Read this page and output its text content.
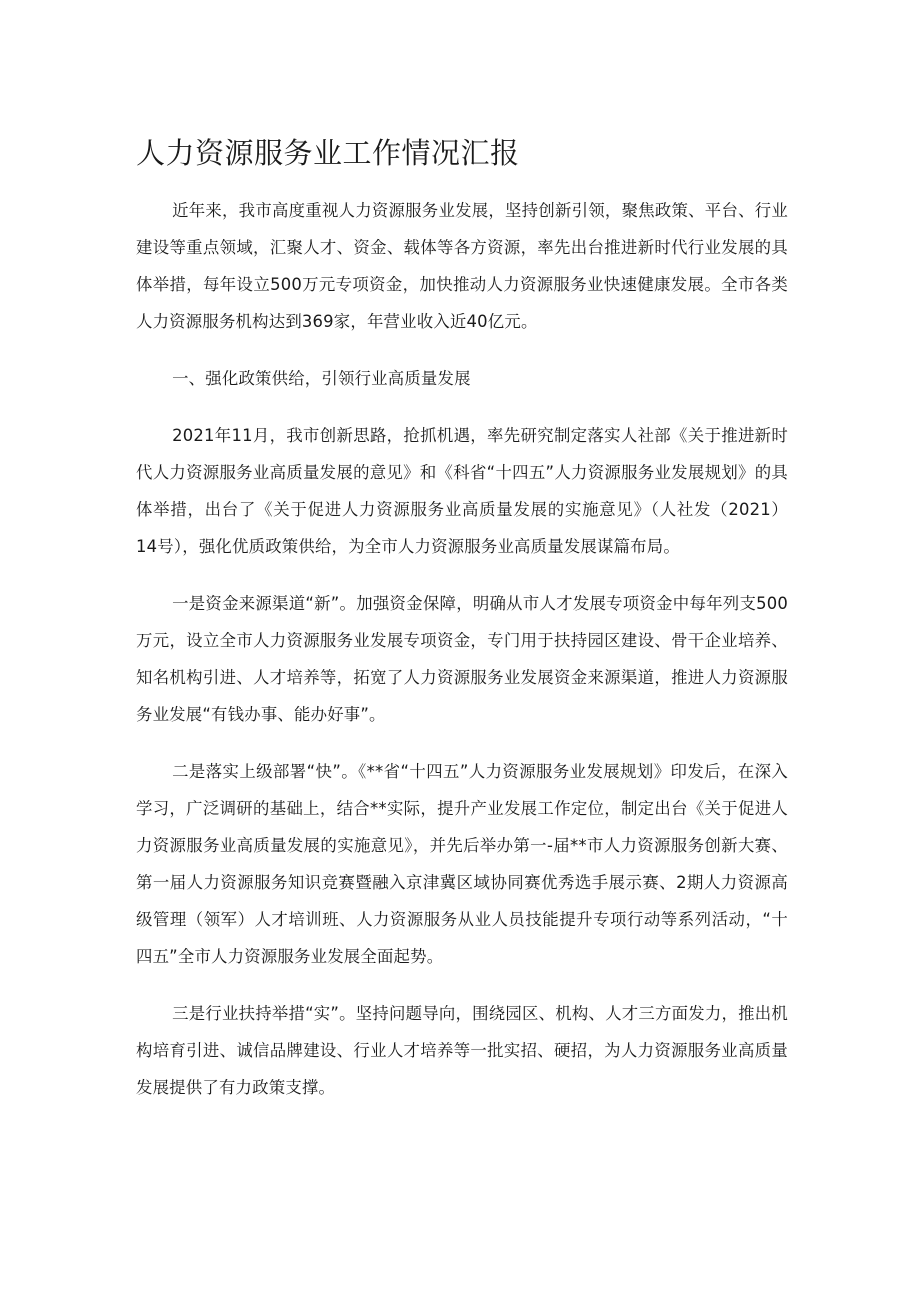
人力资源服务业工作情况汇报

近年来，我市高度重视人力资源服务业发展，坚持创新引领，聚焦政策、平台、行业建设等重点领域，汇聚人才、资金、载体等各方资源，率先出台推进新时代行业发展的具体举措，每年设立500万元专项资金，加快推动人力资源服务业快速健康发展。全市各类人力资源服务机构达到369家，年营业收入近40亿元。

一、强化政策供给，引领行业高质量发展

2021年11月，我市创新思路，抢抓机遇，率先研究制定落实人社部《关于推进新时代人力资源服务业高质量发展的意见》和《科省“十四五”人力资源服务业发展规划》的具体举措，出台了《关于促进人力资源服务业高质量发展的实施意见》（人社发（2021）14号），强化优质政策供给，为全市人力资源服务业高质量发展谋篇布局。

一是资金来源渠道“新”。加强资金保障，明确从市人才发展专项资金中每年列支500万元，设立全市人力资源服务业发展专项资金，专门用于扶持园区建设、骨干企业培养、知名机构引进、人才培养等，拓宽了人力资源服务业发展资金来源渠道，推进人力资源服务业发展“有钱办事、能办好事”。

二是落实上级部署“快”。《**省“十四五”人力资源服务业发展规划》印发后，在深入学习，广泛调研的基础上，结合**实际，提升产业发展工作定位，制定出台《关于促进人力资源服务业高质量发展的实施意见》，并先后举办第一-届**市人力资源服务创新大赛、第一届人力资源服务知识竞赛暨融入京津冀区域协同赛优秀选手展示赛、2期人力资源高级管理（领军）人才培训班、人力资源服务从业人员技能提升专项行动等系列活动，“十四五”全市人力资源服务业发展全面起势。

三是行业扶持举措“实”。坚持问题导向，围绕园区、机构、人才三方面发力，推出机构培育引进、诚信品牌建设、行业人才培养等一批实招、硬招，为人力资源服务业高质量发展提供了有力政策支撑。
